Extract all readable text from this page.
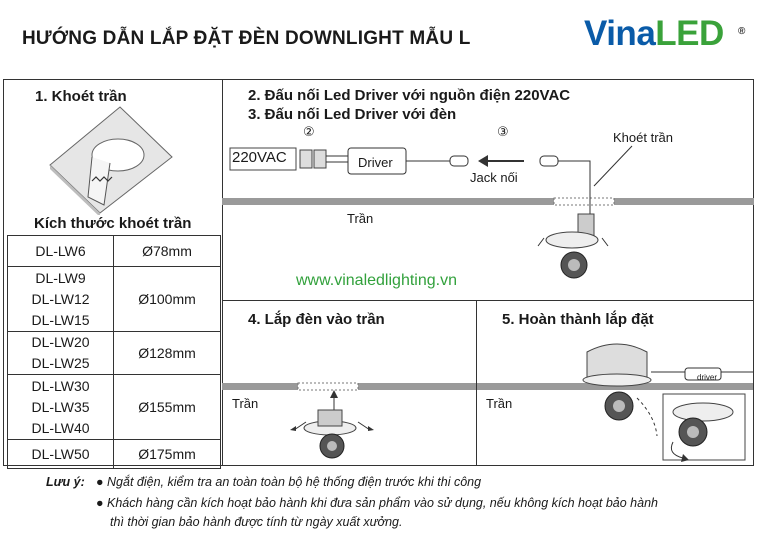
HƯỚNG DẪN LẮP ĐẶT ĐÈN DOWNLIGHT MẪU L	VinaLED ®
1. Khoét trần
Kích thước khoét trần
DL-LW6	Ø78mm

DL-LW9
DL-LW12
DL-LW15	Ø100mm

DL-LW20
DL-LW25	Ø128mm

DL-LW30
DL-LW35
DL-LW40	Ø155mm
DL-LW50	Ø175mm
2. Đấu nối Led Driver với nguồn điện 220VAC
3. Đấu nối Led Driver với đèn
②	③
220VAC	Driver
Jack nối
Khoét trần
Trần
www.vinaledlighting.vn
4. Lắp đèn vào trần
Trần
5. Hoàn thành lắp đặt
driver
Trần
Lưu ý: ● Ngắt điện, kiểm tra an toàn toàn bộ hệ thống điện trước khi thi công
● Khách hàng cần kích hoạt bảo hành khi đưa sản phẩm vào sử dụng, nếu không kích hoạt bảo hành
thì thời gian bảo hành được tính từ ngày xuất xưởng.
